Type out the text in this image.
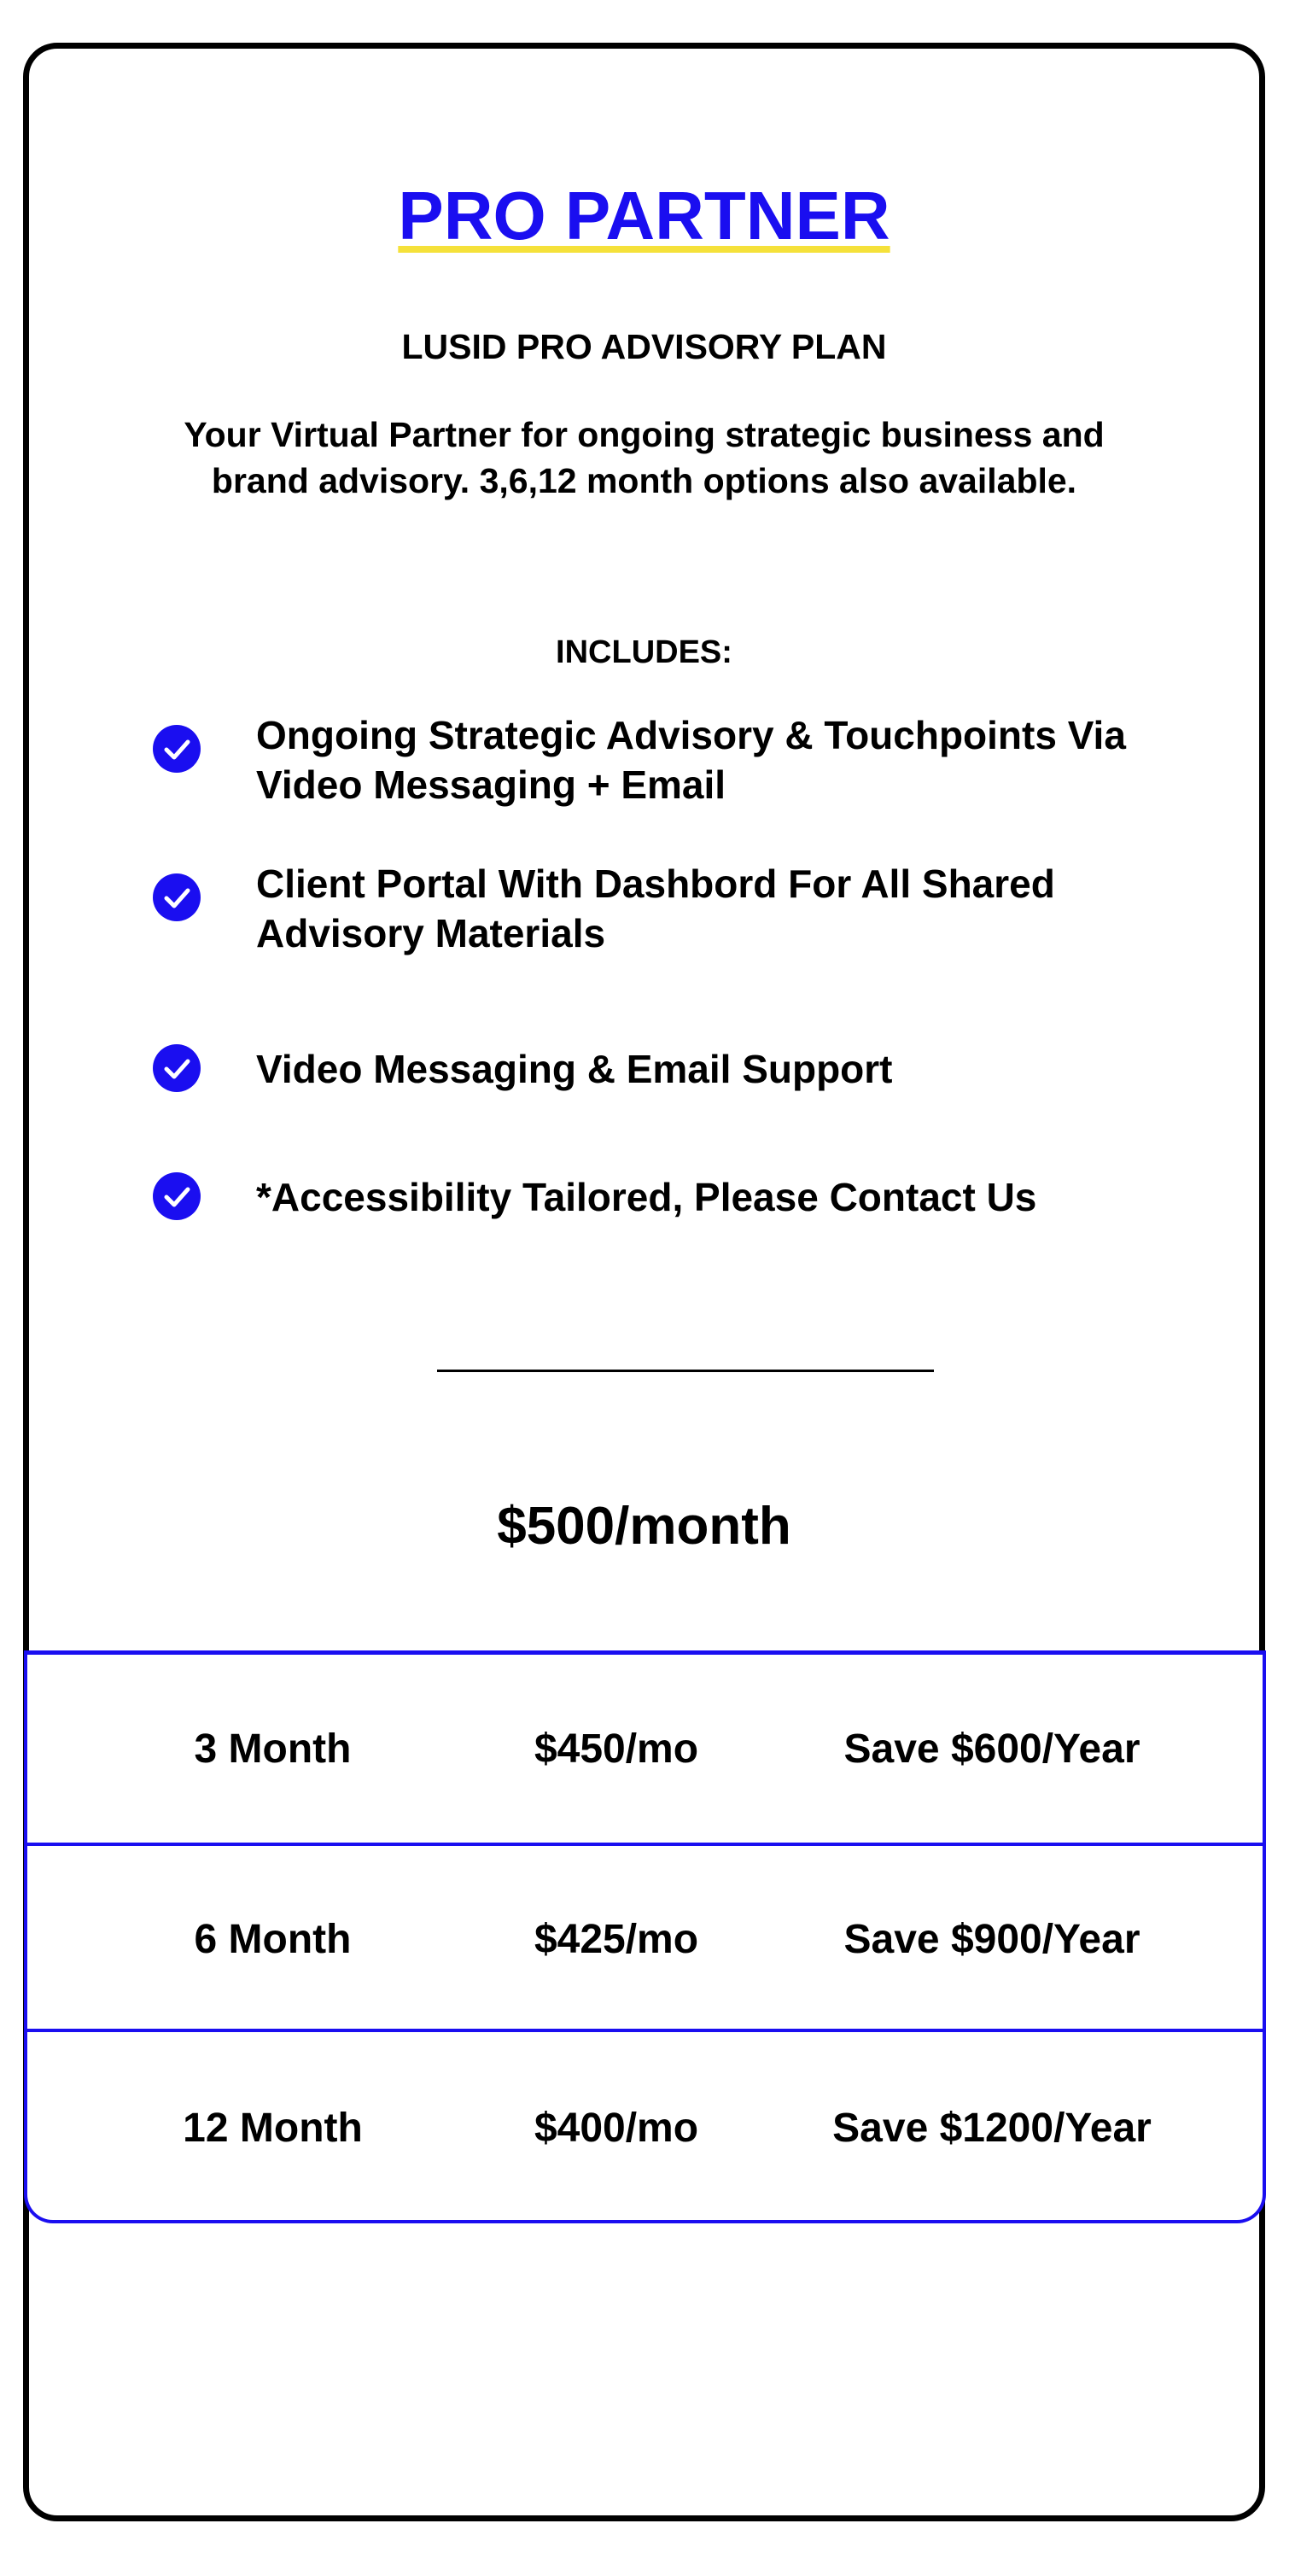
PRO PARTNER
LUSID PRO ADVISORY PLAN
Your Virtual Partner for ongoing strategic business and brand advisory. 3,6,12 month options also available.
INCLUDES:
Ongoing Strategic Advisory & Touchpoints Via Video Messaging + Email
Client Portal With Dashbord For All Shared Advisory Materials
Video Messaging & Email Support
*Accessibility Tailored, Please Contact Us
$500/month
3 Month	$450/mo	Save $600/Year
6 Month	$425/mo	Save $900/Year
12 Month	$400/mo	Save $1200/Year
